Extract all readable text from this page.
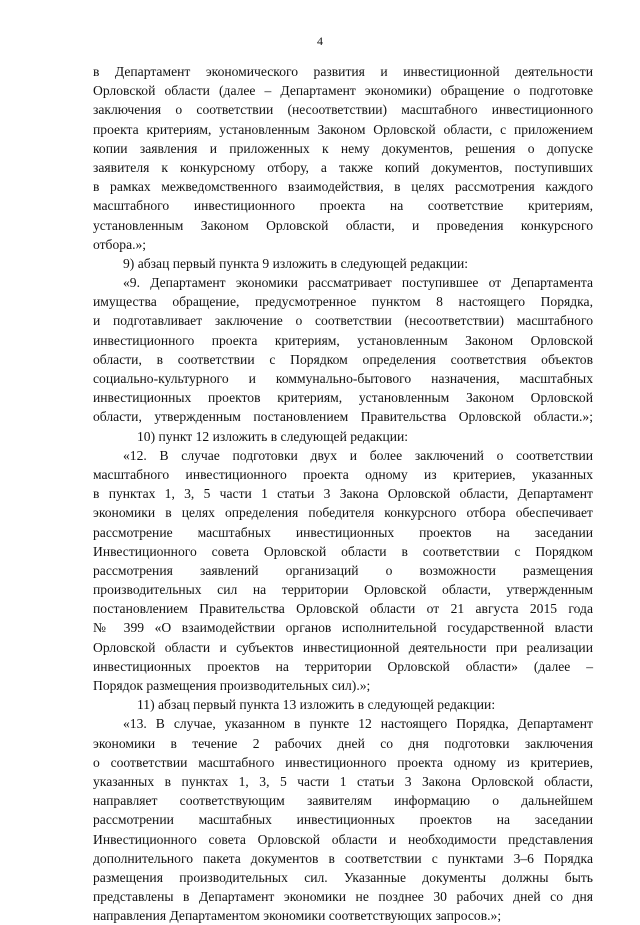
4
в Департамент экономического развития и инвестиционной деятельности
Орловской области (далее – Департамент экономики) обращение о подготовке
заключения о соответствии (несоответствии) масштабного инвестиционного
проекта критериям, установленным Законом Орловской области, с приложением
копии заявления и приложенных к нему документов, решения о допуске
заявителя к конкурсному отбору, а также копий документов, поступивших
в рамках межведомственного взаимодействия, в целях рассмотрения каждого
масштабного инвестиционного проекта на соответствие критериям,
установленным Законом Орловской области, и проведения конкурсного
отбора.»;
9) абзац первый пункта 9 изложить в следующей редакции:
«9. Департамент экономики рассматривает поступившее от Департамента
имущества обращение, предусмотренное пунктом 8 настоящего Порядка,
и подготавливает заключение о соответствии (несоответствии) масштабного
инвестиционного проекта критериям, установленным Законом Орловской
области, в соответствии с Порядком определения соответствия объектов
социально-культурного и коммунально-бытового назначения, масштабных
инвестиционных проектов критериям, установленным Законом Орловской
области, утвержденным постановлением Правительства Орловской области.»;
10) пункт 12 изложить в следующей редакции:
«12. В случае подготовки двух и более заключений о соответствии
масштабного инвестиционного проекта одному из критериев, указанных
в пунктах 1, 3, 5 части 1 статьи 3 Закона Орловской области, Департамент
экономики в целях определения победителя конкурсного отбора обеспечивает
рассмотрение масштабных инвестиционных проектов на заседании
Инвестиционного совета Орловской области в соответствии с Порядком
рассмотрения заявлений организаций о возможности размещения
производительных сил на территории Орловской области, утвержденным
постановлением Правительства Орловской области от 21 августа 2015 года
№ 399 «О взаимодействии органов исполнительной государственной власти
Орловской области и субъектов инвестиционной деятельности при реализации
инвестиционных проектов на территории Орловской области» (далее –
Порядок размещения производительных сил).»;
11) абзац первый пункта 13 изложить в следующей редакции:
«13. В случае, указанном в пункте 12 настоящего Порядка, Департамент
экономики в течение 2 рабочих дней со дня подготовки заключения
о соответствии масштабного инвестиционного проекта одному из критериев,
указанных в пунктах 1, 3, 5 части 1 статьи 3 Закона Орловской области,
направляет соответствующим заявителям информацию о дальнейшем
рассмотрении масштабных инвестиционных проектов на заседании
Инвестиционного совета Орловской области и необходимости представления
дополнительного пакета документов в соответствии с пунктами 3–6 Порядка
размещения производительных сил. Указанные документы должны быть
представлены в Департамент экономики не позднее 30 рабочих дней со дня
направления Департаментом экономики соответствующих запросов.»;
